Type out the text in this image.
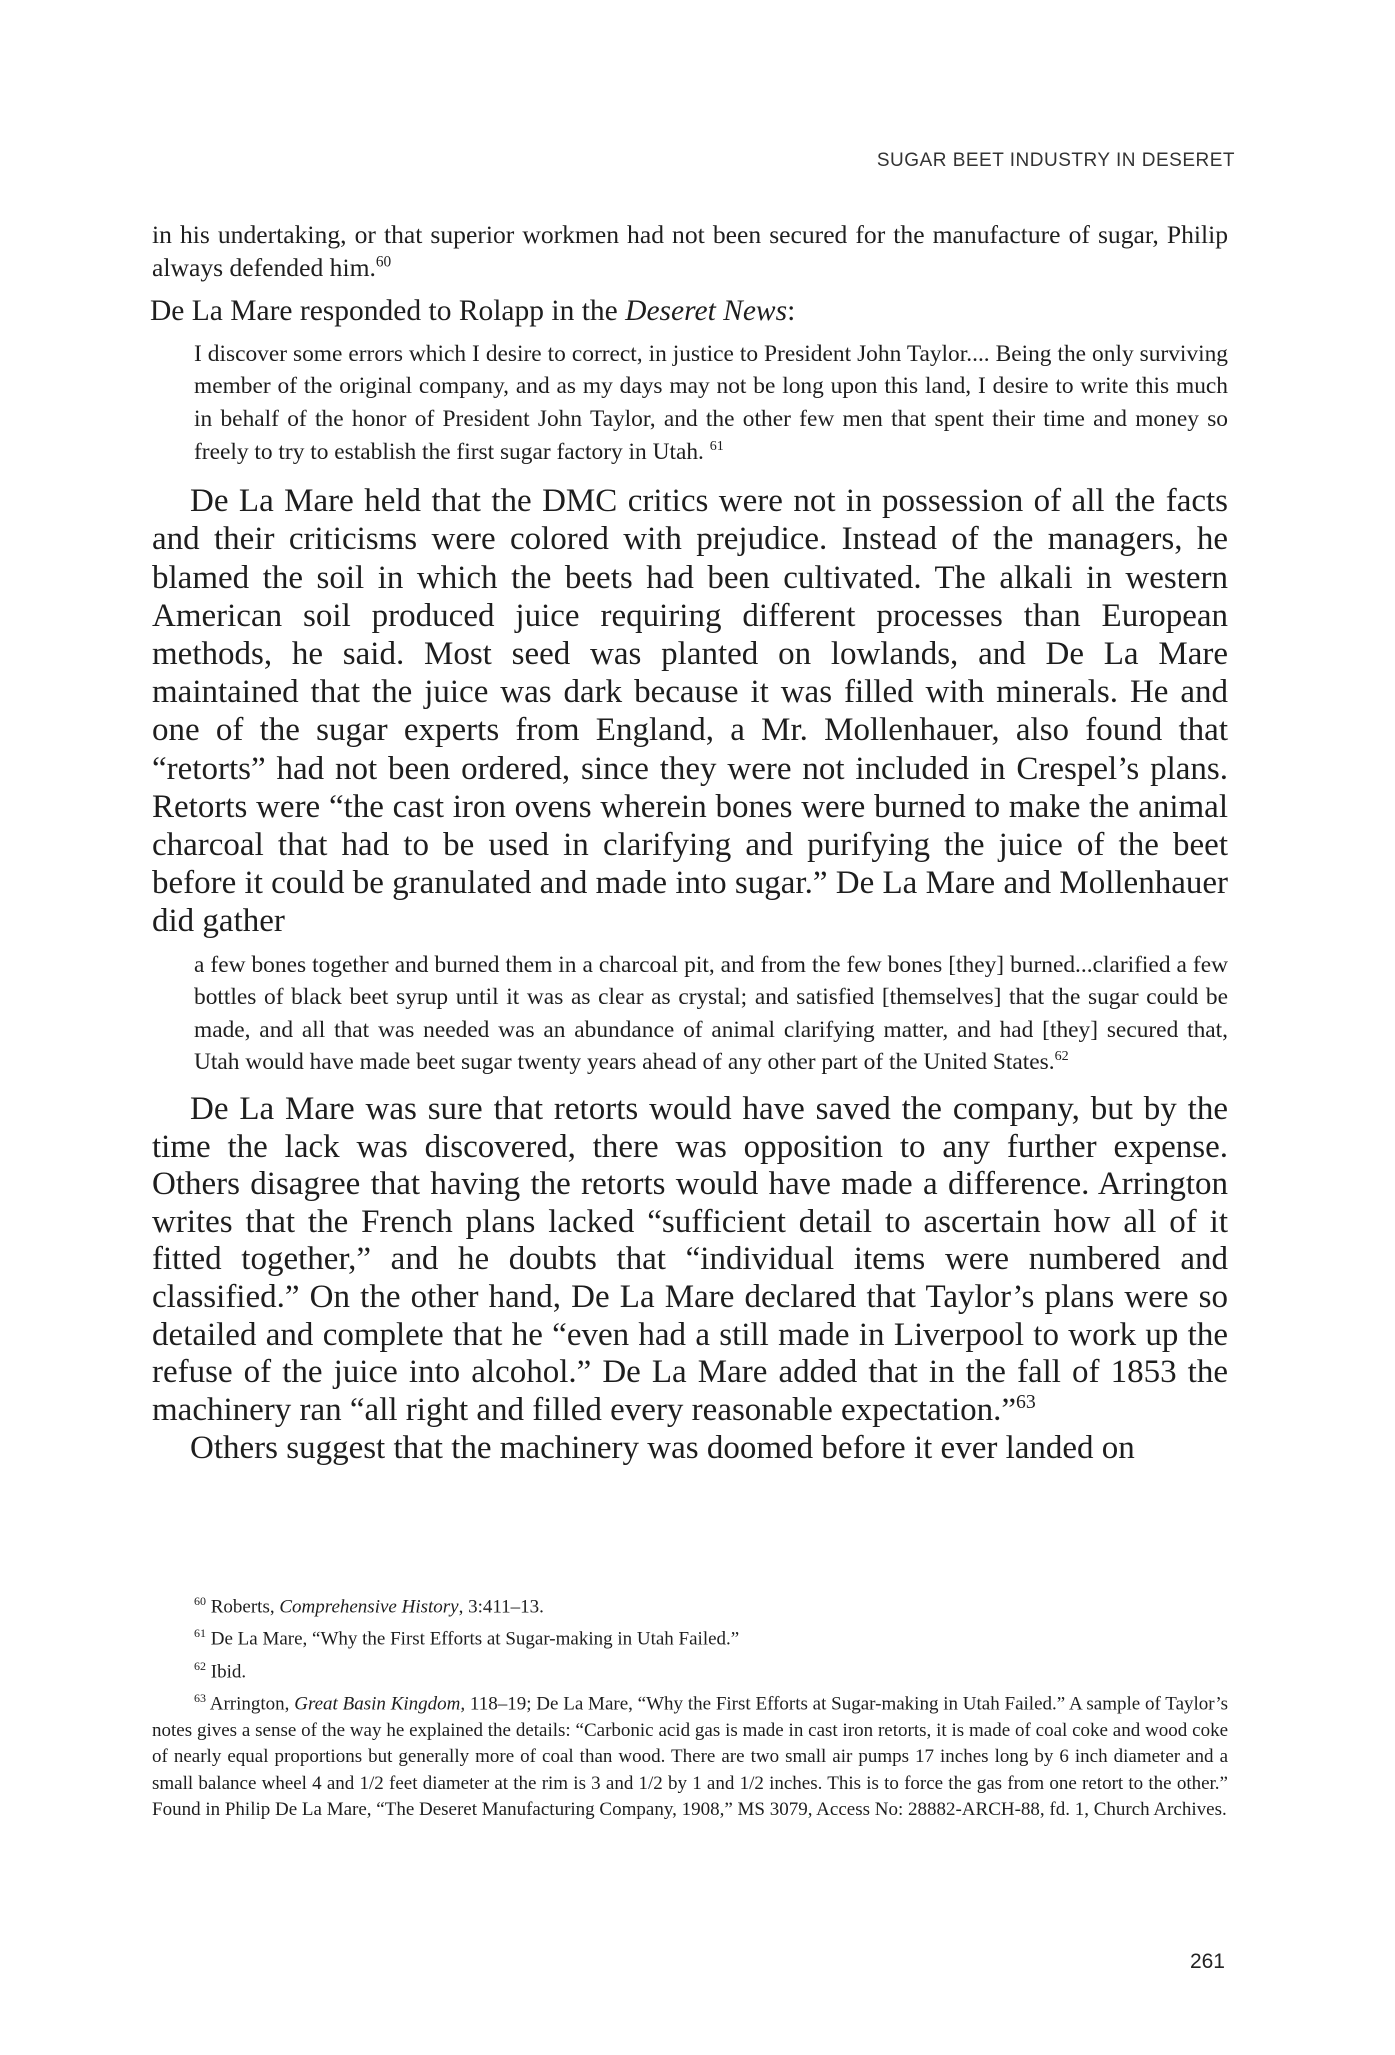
SUGAR BEET INDUSTRY IN DESERET

in his undertaking, or that superior workmen had not been secured for the manufacture of sugar, Philip always defended him.$^{60}$

De La Mare responded to Rolapp in the Deseret News:

I discover some errors which I desire to correct, in justice to President John Taylor.... Being the only surviving member of the original company, and as my days may not be long upon this land, I desire to write this much in behalf of the honor of President John Taylor, and the other few men that spent their time and money so freely to try to establish the first sugar factory in Utah. $^{61}$

De La Mare held that the DMC critics were not in possession of all the facts and their criticisms were colored with prejudice. Instead of the managers, he blamed the soil in which the beets had been cultivated. The alkali in western American soil produced juice requiring different processes than European methods, he said. Most seed was planted on lowlands, and De La Mare maintained that the juice was dark because it was filled with minerals. He and one of the sugar experts from England, a Mr. Mollenhauer, also found that “retorts” had not been ordered, since they were not included in Crespel’s plans. Retorts were “the cast iron ovens wherein bones were burned to make the animal charcoal that had to be used in clarifying and purifying the juice of the beet before it could be granulated and made into sugar.” De La Mare and Mollenhauer did gather

a few bones together and burned them in a charcoal pit, and from the few bones [they] burned...clarified a few bottles of black beet syrup until it was as clear as crystal; and satisfied [themselves] that the sugar could be made, and all that was needed was an abundance of animal clarifying matter, and had [they] secured that, Utah would have made beet sugar twenty years ahead of any other part of the United States.$^{62}$

De La Mare was sure that retorts would have saved the company, but by the time the lack was discovered, there was opposition to any further expense. Others disagree that having the retorts would have made a difference. Arrington writes that the French plans lacked “sufficient detail to ascertain how all of it fitted together,” and he doubts that “individual items were numbered and classified.” On the other hand, De La Mare declared that Taylor’s plans were so detailed and complete that he “even had a still made in Liverpool to work up the refuse of the juice into alcohol.” De La Mare added that in the fall of 1853 the machinery ran “all right and filled every reasonable expectation.”$^{63}$

Others suggest that the machinery was doomed before it ever landed on

$^{60}$ Roberts, Comprehensive History, 3:411–13.

$^{61}$ De La Mare, “Why the First Efforts at Sugar-making in Utah Failed.”

$^{62}$ Ibid.

$^{63}$ Arrington, Great Basin Kingdom, 118–19; De La Mare, “Why the First Efforts at Sugar-making in Utah Failed.” A sample of Taylor’s notes gives a sense of the way he explained the details: “Carbonic acid gas is made in cast iron retorts, it is made of coal coke and wood coke of nearly equal proportions but generally more of coal than wood. There are two small air pumps 17 inches long by 6 inch diameter and a small balance wheel 4 and 1/2 feet diameter at the rim is 3 and 1/2 by 1 and 1/2 inches. This is to force the gas from one retort to the other.” Found in Philip De La Mare, “The Deseret Manufacturing Company, 1908,” MS 3079, Access No: 28882-ARCH-88, fd. 1, Church Archives.

261
